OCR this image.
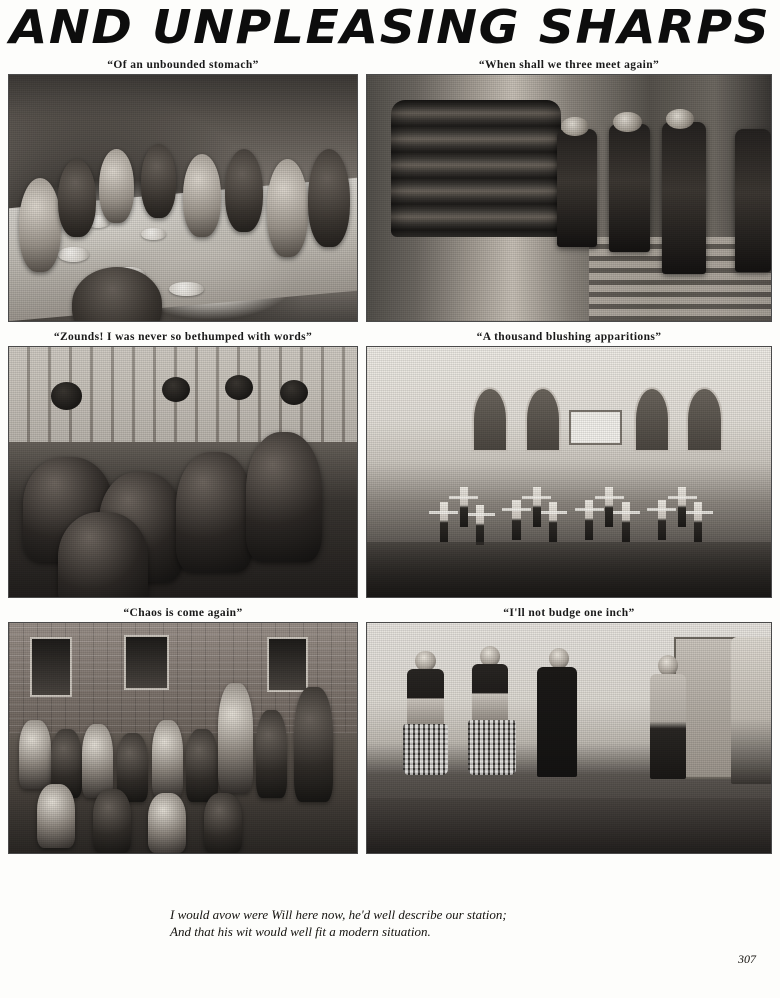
AND UNPLEASING SHARPS
“Of an unbounded stomach”	“When shall we three meet again”
“Zounds! I was never so bethumped with words”	“A thousand blushing apparitions”
“Chaos is come again”	“I'll not budge one inch”
I would avow were Will here now, he'd well describe our station;
And that his wit would well fit a modern situation.
307
